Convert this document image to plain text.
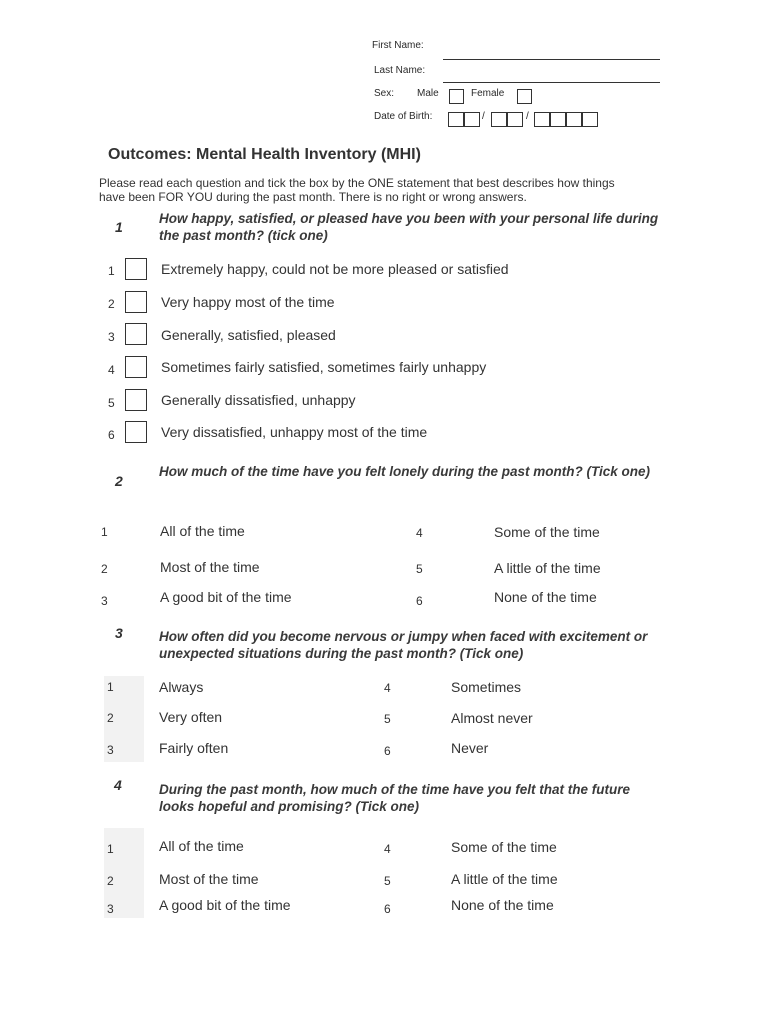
First Name:
Last Name:
Sex: Male	Female
Date of Birth:	/	/
Outcomes: Mental Health Inventory (MHI)
Please read each question and tick the box by the ONE statement that best describes how things
have been FOR YOU during the past month. There is no right or wrong answers.
1
How happy, satisfied, or pleased have you been with your personal life during the past month? (tick one)
1	Extremely happy, could not be more pleased or satisfied
2	Very happy most of the time
3	Generally, satisfied, pleased
4	Sometimes fairly satisfied, sometimes fairly unhappy
5	Generally dissatisfied, unhappy
6	Very dissatisfied, unhappy most of the time
2
How much of the time have you felt lonely during the past month? (Tick one)
1	All of the time
2	Most of the time
3	A good bit of the time
4	Some of the time
5	A little of the time
6	None of the time
3	How often did you become nervous or jumpy when faced with excitement or unexpected situations during the past month? (Tick one)
1	Always
2	Very often
3	Fairly often
4	Sometimes
5	Almost never
6	Never
4	During the past month, how much of the time have you felt that the future looks hopeful and promising? (Tick one)
1	All of the time
2	Most of the time
3	A good bit of the time
4	Some of the time
5	A little of the time
6	None of the time
